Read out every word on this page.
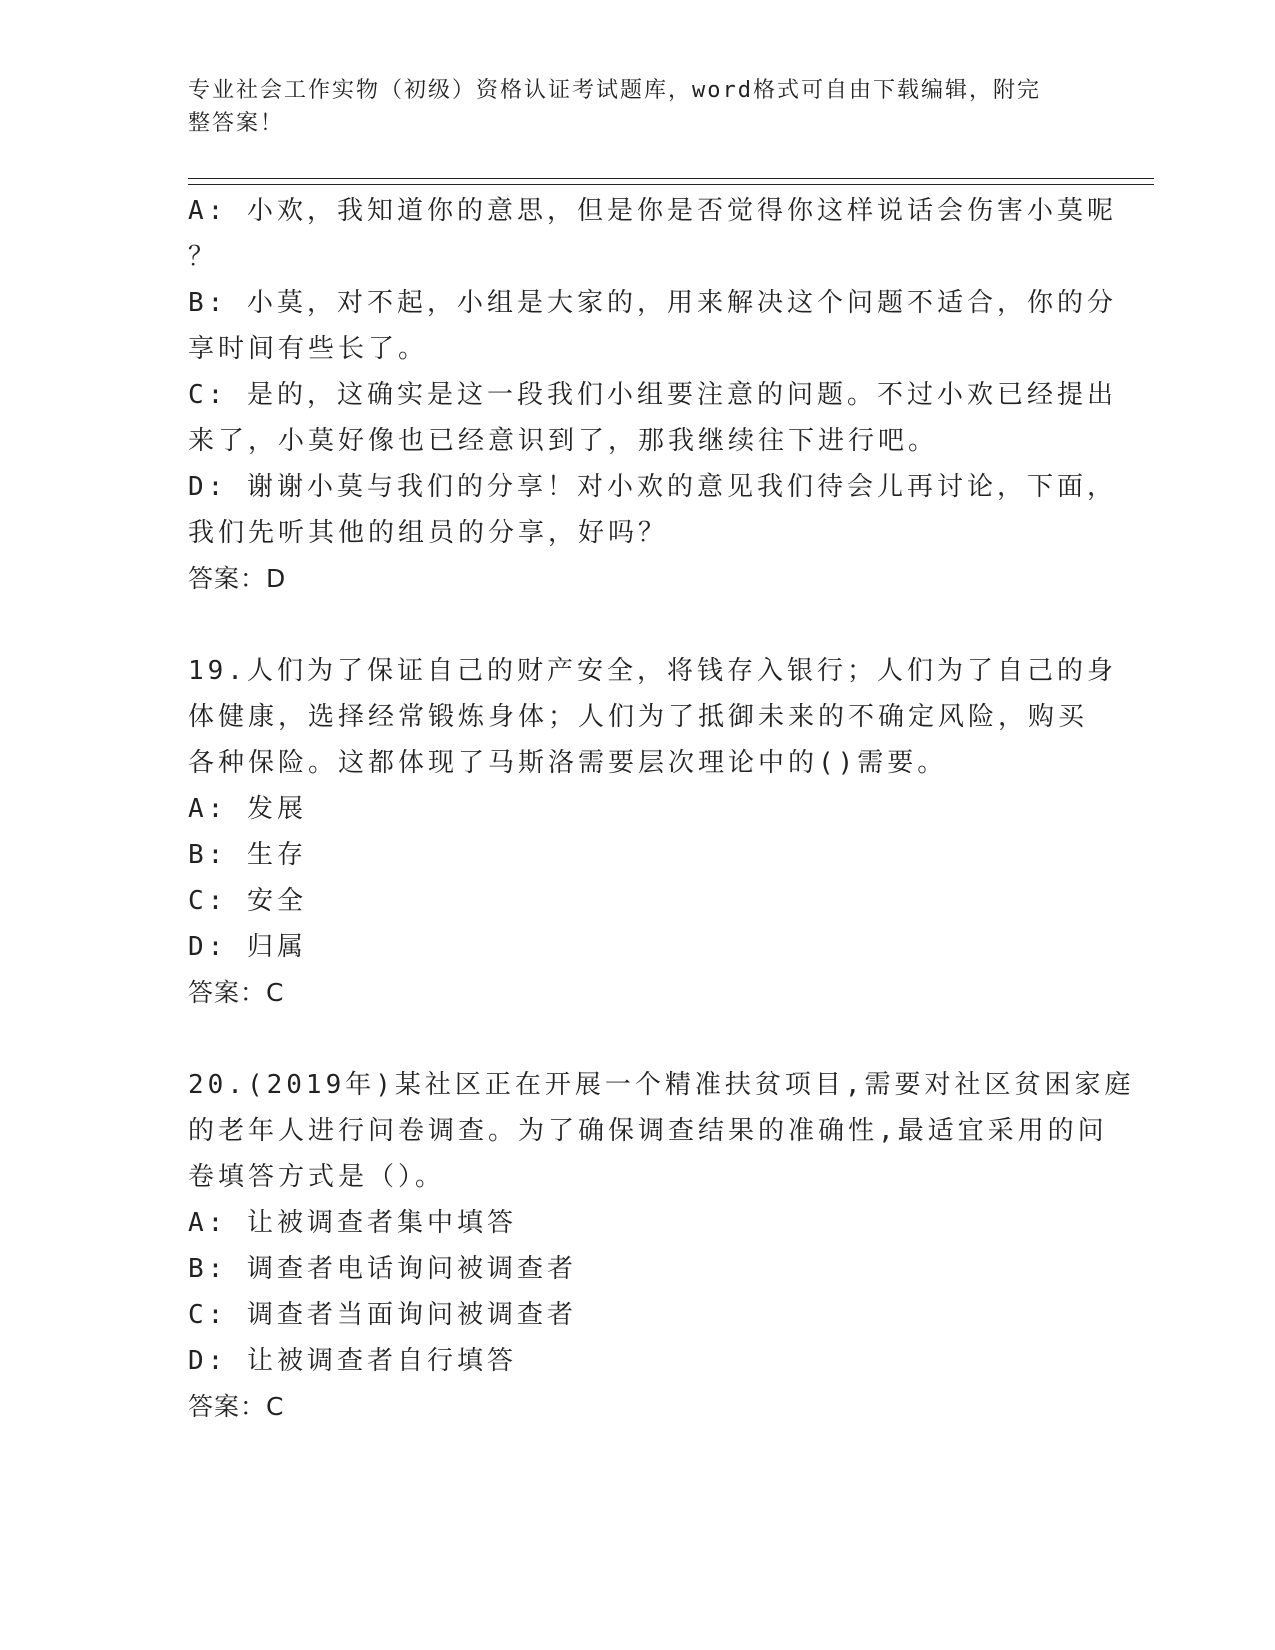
专业社会工作实物（初级）资格认证考试题库，word格式可自由下载编辑，附完
整答案！
A: 小欢，我知道你的意思，但是你是否觉得你这样说话会伤害小莫呢
？
B: 小莫，对不起，小组是大家的，用来解决这个问题不适合，你的分
享时间有些长了。
C: 是的，这确实是这一段我们小组要注意的问题。不过小欢已经提出
来了，小莫好像也已经意识到了，那我继续往下进行吧。
D: 谢谢小莫与我们的分享！对小欢的意见我们待会儿再讨论，下面，
我们先听其他的组员的分享，好吗？
答案：D
19.人们为了保证自己的财产安全，将钱存入银行；人们为了自己的身
体健康，选择经常锻炼身体；人们为了抵御未来的不确定风险，购买
各种保险。这都体现了马斯洛需要层次理论中的()需要。
A: 发展
B: 生存
C: 安全
D: 归属
答案：C
20.(2019年)某社区正在开展一个精准扶贫项目,需要对社区贫困家庭
的老年人进行问卷调查。为了确保调查结果的准确性,最适宜采用的问
卷填答方式是（）。
A: 让被调查者集中填答
B: 调查者电话询问被调查者
C: 调查者当面询问被调查者
D: 让被调查者自行填答
答案：C
